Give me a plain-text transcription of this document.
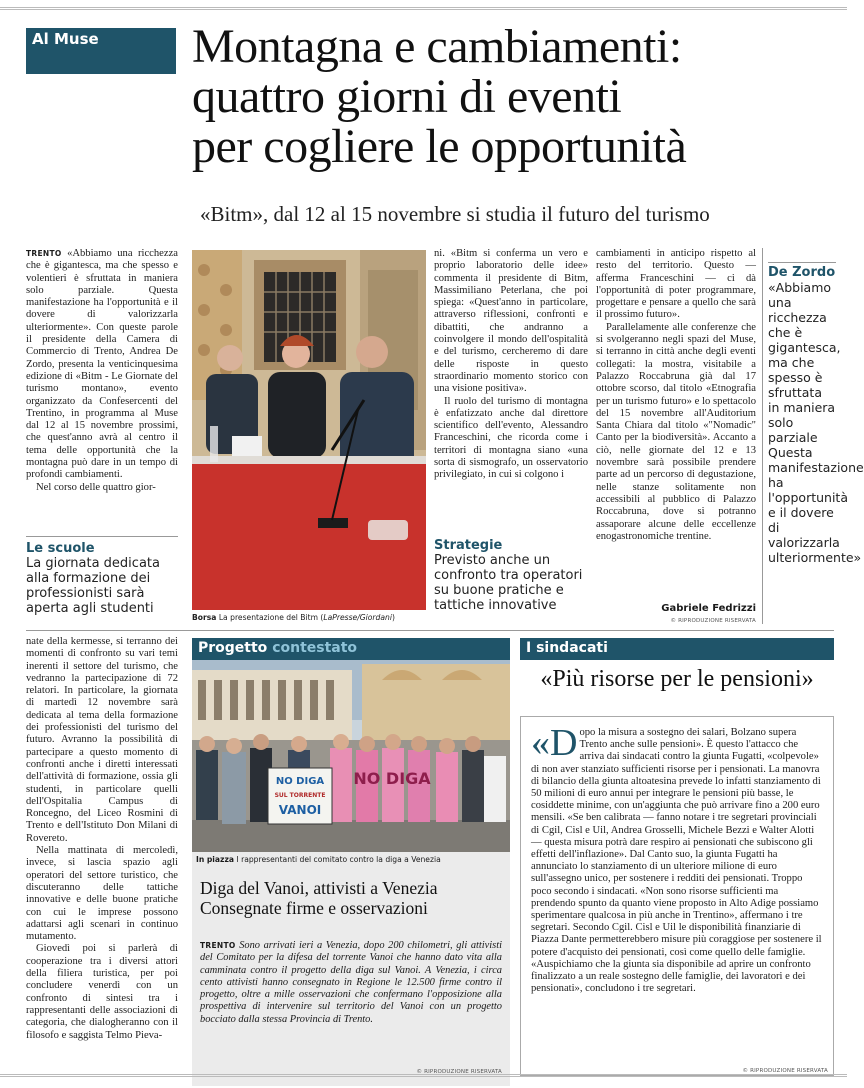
Al Muse	Montagna e cambiamenti:
quattro giorni di eventi
per cogliere le opportunità
«Bitm», dal 12 al 15 novembre si studia il futuro del turismo

TRENTO «Abbiamo una ricchezza che è gigantesca, ma che spesso e volentieri è sfruttata in maniera solo parziale. Questa manifestazione ha l'opportunità e il dovere di valorizzarla ulteriormente». Con queste parole il presidente della Camera di Commercio di Trento, Andrea De Zordo, presenta la venticinquesima edizione di «Bitm - Le Giornate del turismo montano», evento organizzato da Confesercenti del Trentino, in programma al Muse dal 12 al 15 novembre prossimi, che quest'anno avrà al centro il tema delle opportunità che la montagna può dare in un tempo di profondi cambiamenti.

Nel corso delle quattro gior-

Le scuole
La giornata dedicata alla formazione dei professionisti sarà aperta agli studenti

nate della kermesse, si terranno dei momenti di confronto su vari temi inerenti il settore del turismo, che vedranno la partecipazione di 72 relatori. In particolare, la giornata di martedì 12 novembre sarà dedicata al tema della formazione dei professionisti del turismo del futuro. Avranno la possibilità di partecipare a questo momento di confronti anche i diretti interessati dell'attività di formazione, ossia gli studenti, in particolare quelli dell'Ospitalia Campus di Roncegno, del Liceo Rosmini di Trento e dell'Istituto Don Milani di Rovereto.

Nella mattinata di mercoledì, invece, si lascia spazio agli operatori del settore turistico, che discuteranno delle tattiche innovative e delle buone pratiche con cui le imprese possono adattarsi agli scenari in continuo mutamento.

Giovedì poi si parlerà di cooperazione tra i diversi attori della filiera turistica, per poi concludere venerdì con un confronto di sintesi tra i rappresentanti delle associazioni di categoria, che dialogheranno con il filosofo e saggista Telmo Pieva-

Borsa La presentazione del Bitm (LaPresse/Giordani)

ni. «Bitm si conferma un vero e proprio laboratorio delle idee» commenta il presidente di Bitm, Massimiliano Peterlana, che poi spiega: «Quest'anno in particolare, attraverso riflessioni, confronti e dibattiti, che andranno a coinvolgere il mondo dell'ospitalità e del turismo, cercheremo di dare delle risposte in questo straordinario momento storico con una visione positiva».

Il ruolo del turismo di montagna è enfatizzato anche dal direttore scientifico dell'evento, Alessandro Franceschini, che ricorda come i territori di montagna siano «una sorta di sismografo, un osservatorio privilegiato, in cui si colgono i

Strategie
Previsto anche un confronto tra operatori su buone pratiche e tattiche innovative

cambiamenti in anticipo rispetto al resto del territorio. Questo — afferma Franceschini — ci dà l'opportunità di poter programmare, progettare e pensare a quello che sarà il prossimo futuro».

Parallelamente alle conferenze che si svolgeranno negli spazi del Muse, si terranno in città anche degli eventi collegati: la mostra, visitabile a Palazzo Roccabruna già dal 17 ottobre scorso, dal titolo «Etnografia per un turismo futuro» e lo spettacolo del 15 novembre all'Auditorium Santa Chiara dal titolo «"Nomadic" Canto per la biodiversità». Accanto a ciò, nelle giornate del 12 e 13 novembre sarà possibile prendere parte ad un percorso di degustazione, nelle stanze solitamente non accessibili al pubblico di Palazzo Roccabruna, dove si potranno assaporare alcune delle eccellenze enogastronomiche trentine.

Gabriele Fedrizzi
© RIPRODUZIONE RISERVATA
De Zordo
«Abbiamo una ricchezza che è gigantesca, ma che spesso è sfruttata in maniera solo parziale Questa manifestazione ha l'opportunità e il dovere di valorizzarla ulteriormente»
Progetto contestato
NO DIGA
SUL TORRENTE
VANOI
NO DIGA
In piazza I rappresentanti del comitato contro la diga a Venezia
Diga del Vanoi, attivisti a Venezia
Consegnate firme e osservazioni
TRENTO Sono arrivati ieri a Venezia, dopo 200 chilometri, gli attivisti del Comitato per la difesa del torrente Vanoi che hanno dato vita alla camminata contro il progetto della diga sul Vanoi. A Venezia, i circa cento attivisti hanno consegnato in Regione le 12.500 firme contro il progetto, oltre a mille osservazioni che confermano l'opposizione alla prospettiva di intervenire sul territorio del Vanoi con un progetto bocciato dalla stessa Provincia di Trento.
© RIPRODUZIONE RISERVATA
I sindacati
«Più risorse per le pensioni»
«D opo la misura a sostegno dei salari, Bolzano supera Trento anche sulle pensioni». È questo l'attacco che arriva dai sindacati contro la giunta Fugatti, «colpevole» di non aver stanziato sufficienti risorse per i pensionati. La manovra di bilancio della giunta altoatesina prevede lo infatti stanziamento di 50 milioni di euro annui per integrare le pensioni più basse, le cosiddette minime, con un'aggiunta che può arrivare fino a 200 euro mensili. «Se ben calibrata — fanno notare i tre segretari provinciali di Cgil, Cisl e Uil, Andrea Grosselli, Michele Bezzi e Walter Alotti — questa misura potrà dare respiro ai pensionati che subiscono gli effetti dell'inflazione». Dal Canto suo, la giunta Fugatti ha annunciato lo stanziamento di un ulteriore milione di euro sull'assegno unico, per sostenere i redditi dei pensionati. Troppo poco secondo i sindacati. «Non sono risorse sufficienti ma prendendo spunto da quanto viene proposto in Alto Adige possiamo sperimentare qualcosa in più anche in Trentino», affermano i tre segretari. Secondo Cgil. Cisl e Uil le disponibilità finanziarie di Piazza Dante permetterebbero misure più coraggiose per sostenere il potere d'acquisto dei pensionati, così come quello delle famiglie. «Auspichiamo che la giunta sia disponibile ad aprire un confronto finalizzato a un reale sostegno delle famiglie, dei lavoratori e dei pensionati», concludono i tre segretari.
© RIPRODUZIONE RISERVATA
